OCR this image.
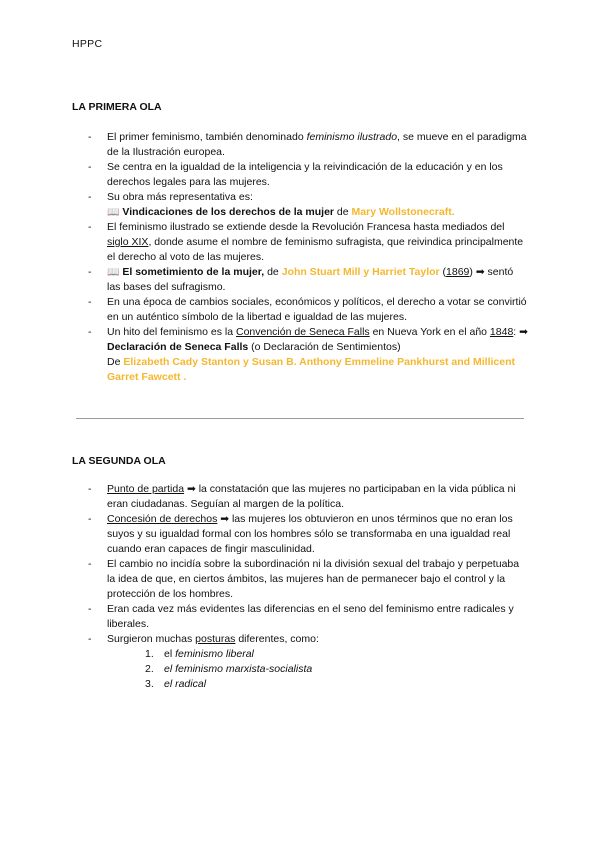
HPPC
LA PRIMERA OLA
- El primer feminismo, también denominado feminismo ilustrado, se mueve en el paradigma de la Ilustración europea.
- Se centra en la igualdad de la inteligencia y la reivindicación de la educación y en los derechos legales para las mujeres.
- Su obra más representativa es:
📖 Vindicaciones de los derechos de la mujer de Mary Wollstonecraft.
- El feminismo ilustrado se extiende desde la Revolución Francesa hasta mediados del siglo XIX, donde asume el nombre de feminismo sufragista, que reivindica principalmente el derecho al voto de las mujeres.
- 📖 El sometimiento de la mujer, de John Stuart Mill y Harriet Taylor (1869) ➡ sentó las bases del sufragismo.
- En una época de cambios sociales, económicos y políticos, el derecho a votar se convirtió en un auténtico símbolo de la libertad e igualdad de las mujeres.
- Un hito del feminismo es la Convención de Seneca Falls en Nueva York en el año 1848: ➡ Declaración de Seneca Falls (o Declaración de Sentimientos)
De Elizabeth Cady Stanton y Susan B. Anthony Emmeline Pankhurst and Millicent Garret Fawcett .
LA SEGUNDA OLA
- Punto de partida ➡ la constatación que las mujeres no participaban en la vida pública ni eran ciudadanas. Seguían al margen de la política.
- Concesión de derechos ➡ las mujeres los obtuvieron en unos términos que no eran los suyos y su igualdad formal con los hombres sólo se transformaba en una igualdad real cuando eran capaces de fingir masculinidad.
- El cambio no incidía sobre la subordinación ni la división sexual del trabajo y perpetuaba la idea de que, en ciertos ámbitos, las mujeres han de permanecer bajo el control y la protección de los hombres.
- Eran cada vez más evidentes las diferencias en el seno del feminismo entre radicales y liberales.
- Surgieron muchas posturas diferentes, como:
1. el feminismo liberal
2. el feminismo marxista-socialista
3. el radical
